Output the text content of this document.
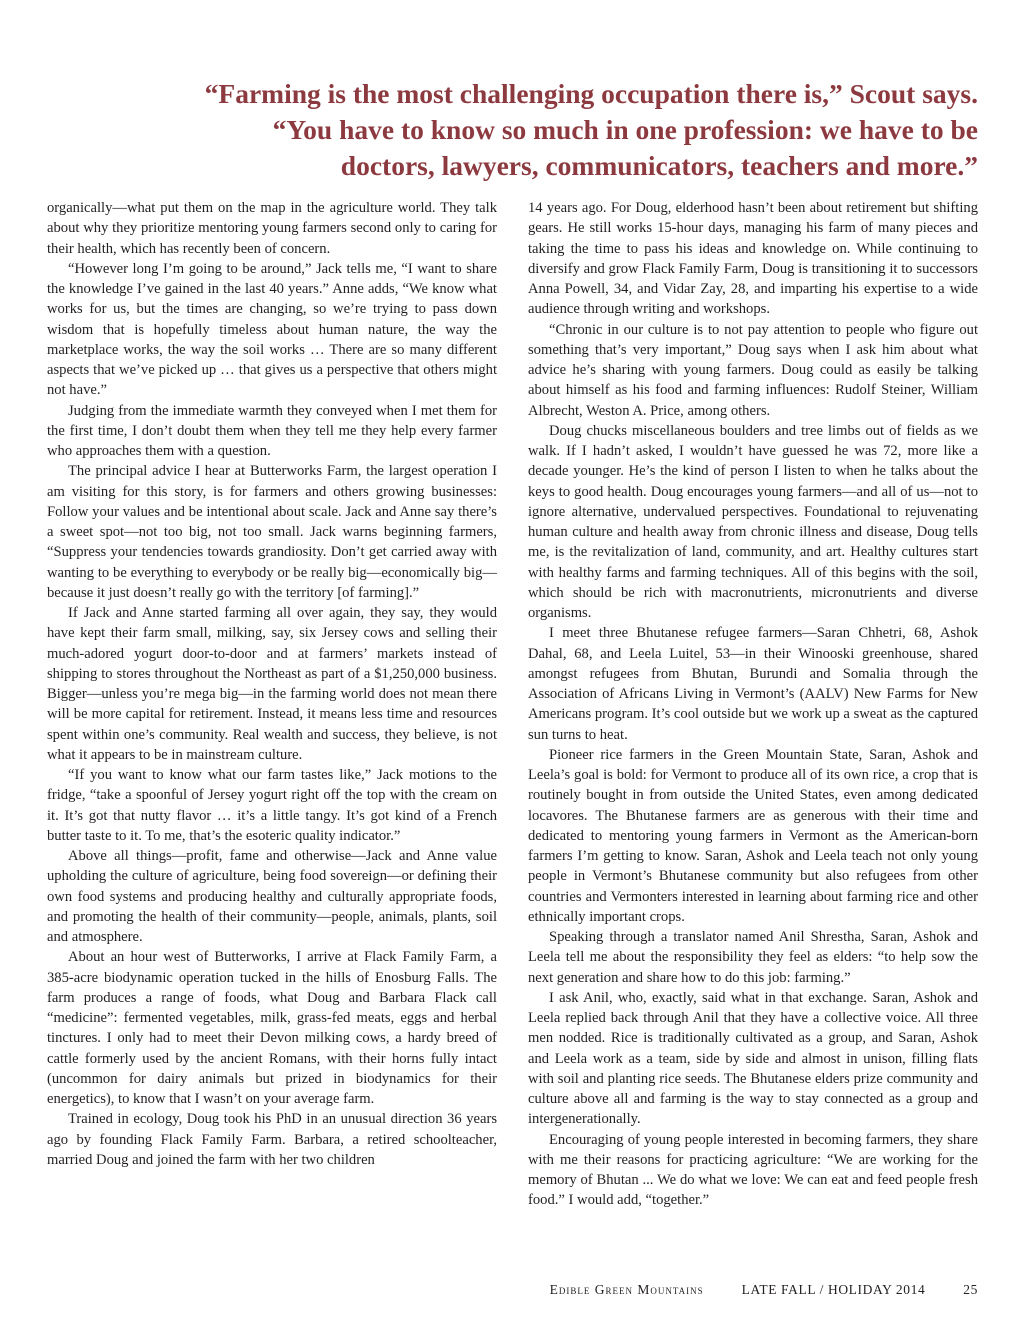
“Farming is the most challenging occupation there is,” Scout says.
“You have to know so much in one profession: we have to be
doctors, lawyers, communicators, teachers and more.”

organically—what put them on the map in the agriculture world. They talk about why they prioritize mentoring young farmers second only to caring for their health, which has recently been of concern.

“However long I’m going to be around,” Jack tells me, “I want to share the knowledge I’ve gained in the last 40 years.” Anne adds, “We know what works for us, but the times are changing, so we’re trying to pass down wisdom that is hopefully timeless about human nature, the way the marketplace works, the way the soil works … There are so many different aspects that we’ve picked up … that gives us a perspective that others might not have.”

Judging from the immediate warmth they conveyed when I met them for the first time, I don’t doubt them when they tell me they help every farmer who approaches them with a question.

The principal advice I hear at Butterworks Farm, the largest operation I am visiting for this story, is for farmers and others growing businesses: Follow your values and be intentional about scale. Jack and Anne say there’s a sweet spot—not too big, not too small. Jack warns beginning farmers, “Suppress your tendencies towards grandiosity. Don’t get carried away with wanting to be everything to everybody or be really big—economically big—because it just doesn’t really go with the territory [of farming].”

If Jack and Anne started farming all over again, they say, they would have kept their farm small, milking, say, six Jersey cows and selling their much-adored yogurt door-to-door and at farmers’ markets instead of shipping to stores throughout the Northeast as part of a $1,250,000 business. Bigger—unless you’re mega big—in the farming world does not mean there will be more capital for retirement. Instead, it means less time and resources spent within one’s community. Real wealth and success, they believe, is not what it appears to be in mainstream culture.

“If you want to know what our farm tastes like,” Jack motions to the fridge, “take a spoonful of Jersey yogurt right off the top with the cream on it. It’s got that nutty flavor … it’s a little tangy. It’s got kind of a French butter taste to it. To me, that’s the esoteric quality indicator.”

Above all things—profit, fame and otherwise—Jack and Anne value upholding the culture of agriculture, being food sovereign—or defining their own food systems and producing healthy and culturally appropriate foods, and promoting the health of their community—people, animals, plants, soil and atmosphere.

About an hour west of Butterworks, I arrive at Flack Family Farm, a 385-acre biodynamic operation tucked in the hills of Enosburg Falls. The farm produces a range of foods, what Doug and Barbara Flack call “medicine”: fermented vegetables, milk, grass-fed meats, eggs and herbal tinctures. I only had to meet their Devon milking cows, a hardy breed of cattle formerly used by the ancient Romans, with their horns fully intact (uncommon for dairy animals but prized in biodynamics for their energetics), to know that I wasn’t on your average farm.

Trained in ecology, Doug took his PhD in an unusual direction 36 years ago by founding Flack Family Farm. Barbara, a retired schoolteacher, married Doug and joined the farm with her two children

14 years ago. For Doug, elderhood hasn’t been about retirement but shifting gears. He still works 15-hour days, managing his farm of many pieces and taking the time to pass his ideas and knowledge on. While continuing to diversify and grow Flack Family Farm, Doug is transitioning it to successors Anna Powell, 34, and Vidar Zay, 28, and imparting his expertise to a wide audience through writing and workshops.

“Chronic in our culture is to not pay attention to people who figure out something that’s very important,” Doug says when I ask him about what advice he’s sharing with young farmers. Doug could as easily be talking about himself as his food and farming influences: Rudolf Steiner, William Albrecht, Weston A. Price, among others.

Doug chucks miscellaneous boulders and tree limbs out of fields as we walk. If I hadn’t asked, I wouldn’t have guessed he was 72, more like a decade younger. He’s the kind of person I listen to when he talks about the keys to good health. Doug encourages young farmers—and all of us—not to ignore alternative, undervalued perspectives. Foundational to rejuvenating human culture and health away from chronic illness and disease, Doug tells me, is the revitalization of land, community, and art. Healthy cultures start with healthy farms and farming techniques. All of this begins with the soil, which should be rich with macronutrients, micronutrients and diverse organisms.

I meet three Bhutanese refugee farmers—Saran Chhetri, 68, Ashok Dahal, 68, and Leela Luitel, 53—in their Winooski greenhouse, shared amongst refugees from Bhutan, Burundi and Somalia through the Association of Africans Living in Vermont’s (AALV) New Farms for New Americans program. It’s cool outside but we work up a sweat as the captured sun turns to heat.

Pioneer rice farmers in the Green Mountain State, Saran, Ashok and Leela’s goal is bold: for Vermont to produce all of its own rice, a crop that is routinely bought in from outside the United States, even among dedicated locavores. The Bhutanese farmers are as generous with their time and dedicated to mentoring young farmers in Vermont as the American-born farmers I’m getting to know. Saran, Ashok and Leela teach not only young people in Vermont’s Bhutanese community but also refugees from other countries and Vermonters interested in learning about farming rice and other ethnically important crops.

Speaking through a translator named Anil Shrestha, Saran, Ashok and Leela tell me about the responsibility they feel as elders: “to help sow the next generation and share how to do this job: farming.”

I ask Anil, who, exactly, said what in that exchange. Saran, Ashok and Leela replied back through Anil that they have a collective voice. All three men nodded. Rice is traditionally cultivated as a group, and Saran, Ashok and Leela work as a team, side by side and almost in unison, filling flats with soil and planting rice seeds. The Bhutanese elders prize community and culture above all and farming is the way to stay connected as a group and intergenerationally.

Encouraging of young people interested in becoming farmers, they share with me their reasons for practicing agriculture: “We are working for the memory of Bhutan ... We do what we love: We can eat and feed people fresh food.” I would add, “together.”

Edible Green Mountains	LATE FALL / HOLIDAY 2014	25
